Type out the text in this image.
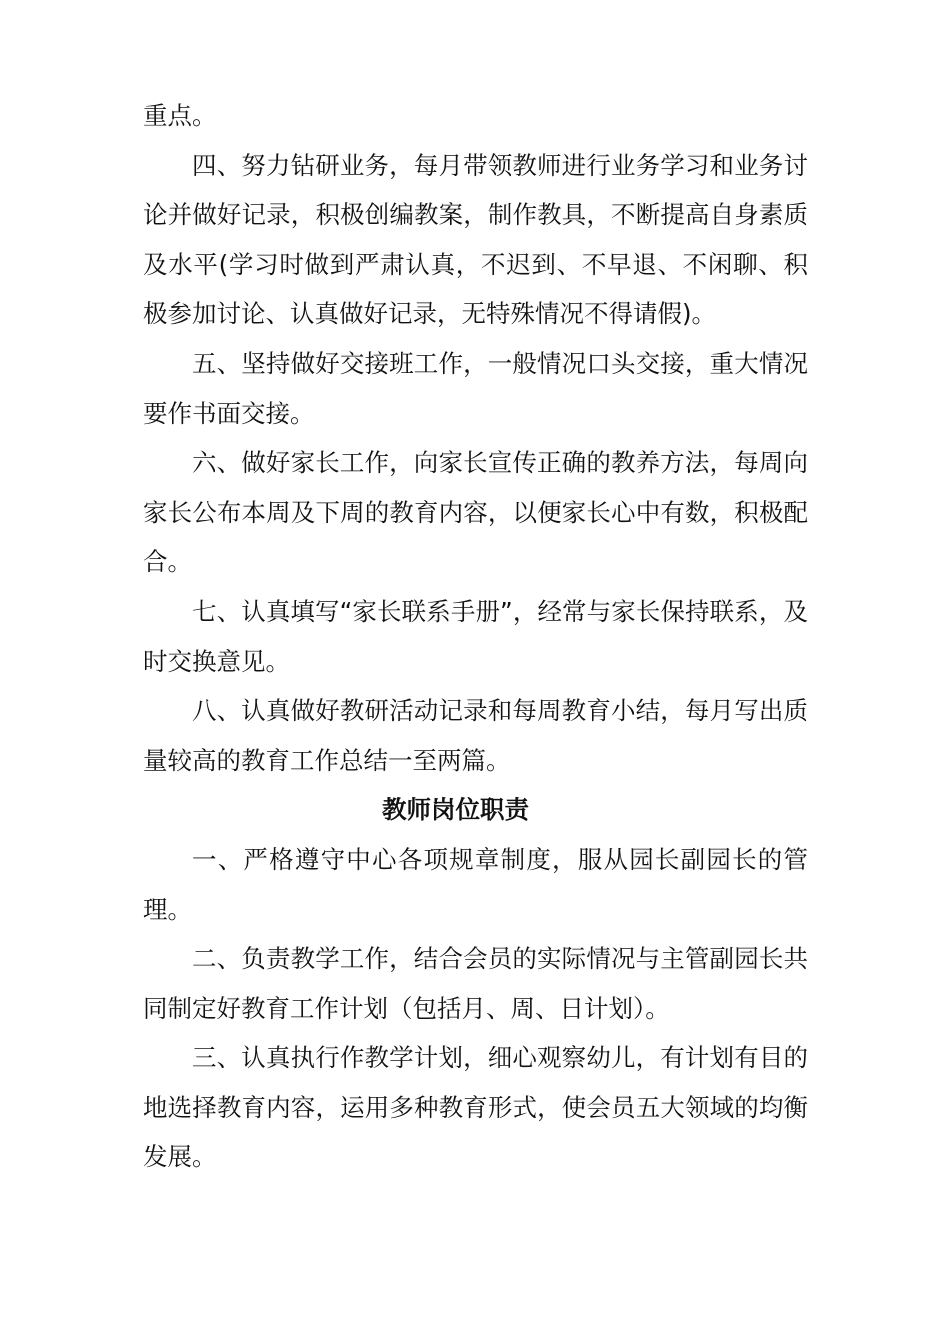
重点。

四、努力钻研业务，每月带领教师进行业务学习和业务讨论并做好记录，积极创编教案，制作教具，不断提高自身素质及水平(学习时做到严肃认真，不迟到、不早退、不闲聊、积极参加讨论、认真做好记录，无特殊情况不得请假)。

五、坚持做好交接班工作，一般情况口头交接，重大情况要作书面交接。

六、做好家长工作，向家长宣传正确的教养方法，每周向家长公布本周及下周的教育内容，以便家长心中有数，积极配合。

七、认真填写“家长联系手册”，经常与家长保持联系，及时交换意见。

八、认真做好教研活动记录和每周教育小结，每月写出质量较高的教育工作总结一至两篇。

教师岗位职责

一、严格遵守中心各项规章制度，服从园长副园长的管理。

二、负责教学工作，结合会员的实际情况与主管副园长共同制定好教育工作计划（包括月、周、日计划）。

三、认真执行作教学计划，细心观察幼儿，有计划有目的地选择教育内容，运用多种教育形式，使会员五大领域的均衡发展。
